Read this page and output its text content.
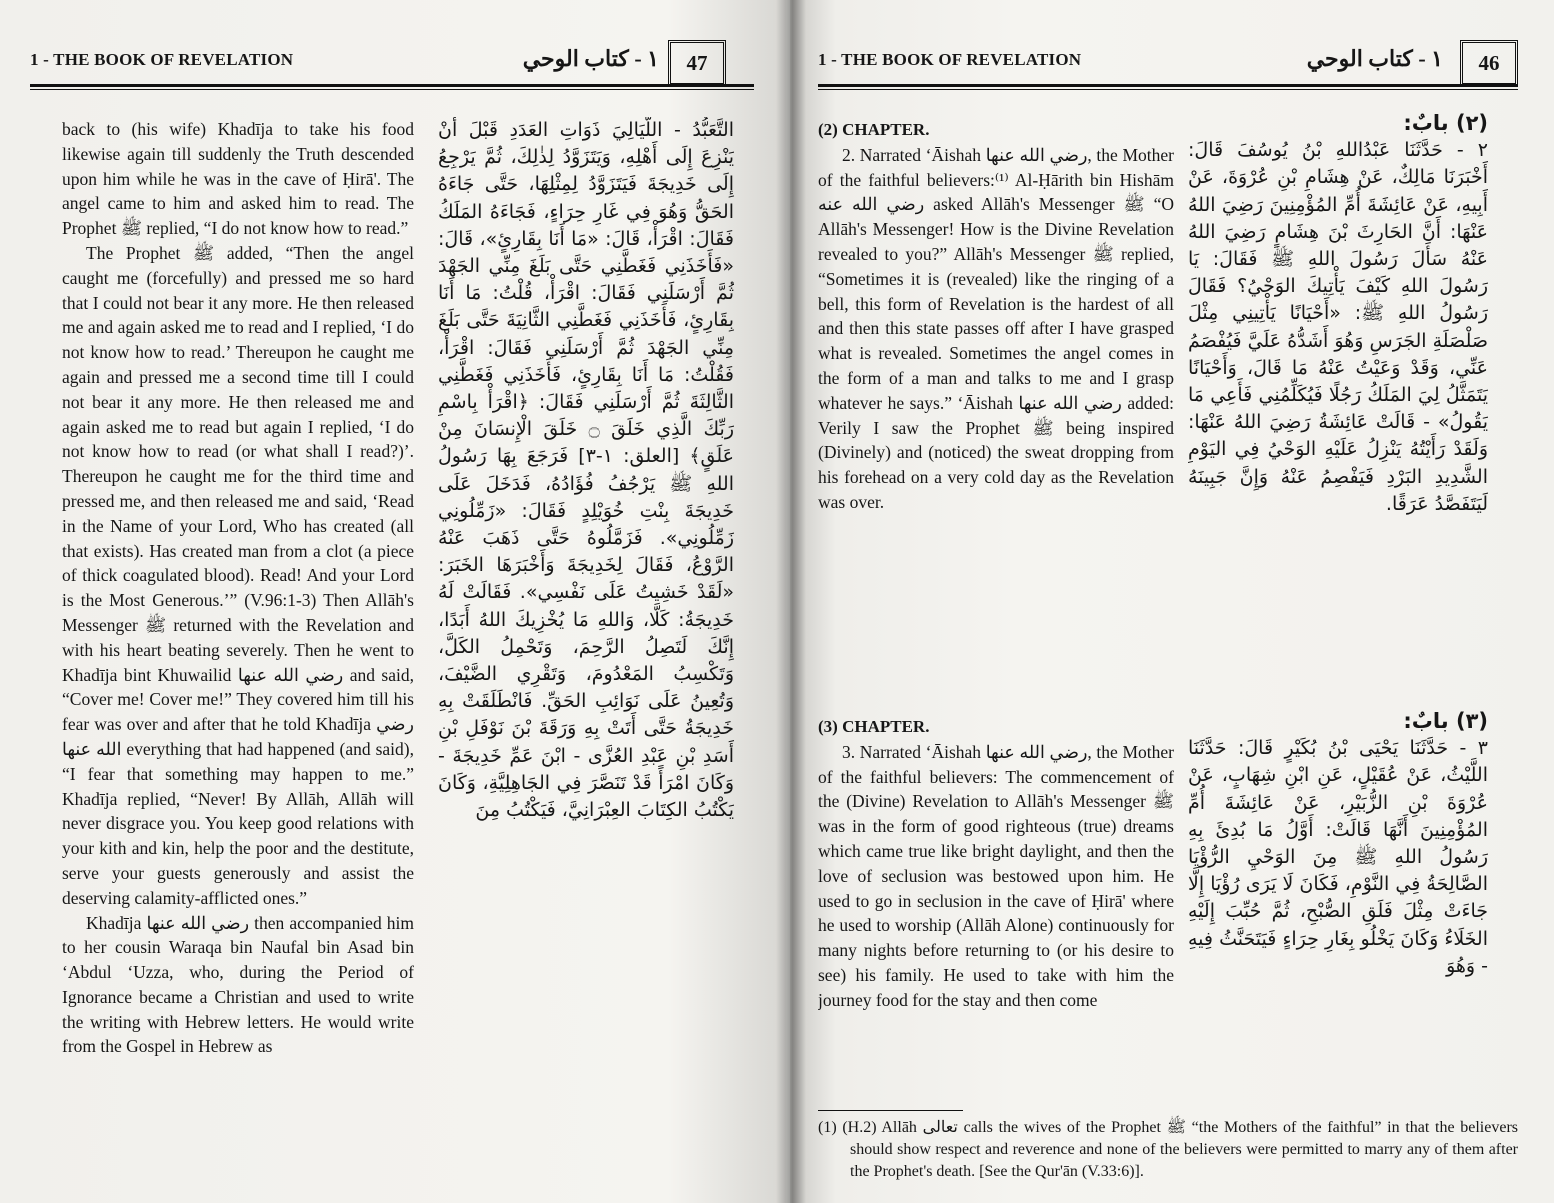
1 - THE BOOK OF REVELATION	١ - كتاب الوحي	47

back to (his wife) Khadīja to take his food likewise again till suddenly the Truth descended upon him while he was in the cave of Ḥirā'. The angel came to him and asked him to read. The Prophet ﷺ replied, “I do not know how to read.”

The Prophet ﷺ added, “Then the angel caught me (forcefully) and pressed me so hard that I could not bear it any more. He then released me and again asked me to read and I replied, ‘I do not know how to read.’ Thereupon he caught me again and pressed me a second time till I could not bear it any more. He then released me and again asked me to read but again I replied, ‘I do not know how to read (or what shall I read?)’. Thereupon he caught me for the third time and pressed me, and then released me and said, ‘Read in the Name of your Lord, Who has created (all that exists). Has created man from a clot (a piece of thick coagulated blood). Read! And your Lord is the Most Generous.’” (V.96:1-3) Then Allāh's Messenger ﷺ returned with the Revelation and with his heart beating severely. Then he went to Khadīja bint Khuwailid رضي الله عنها and said, “Cover me! Cover me!” They covered him till his fear was over and after that he told Khadīja رضي الله عنها everything that had happened (and said), “I fear that something may happen to me.” Khadīja replied, “Never! By Allāh, Allāh will never disgrace you. You keep good relations with your kith and kin, help the poor and the destitute, serve your guests generously and assist the deserving calamity-afflicted ones.”

Khadīja رضي الله عنها then accompanied him to her cousin Waraqa bin Naufal bin Asad bin ‘Abdul ‘Uzza, who, during the Period of Ignorance became a Christian and used to write the writing with Hebrew letters. He would write from the Gospel in Hebrew as

التَّعَبُّدُ - اللَّيَالِيَ ذَوَاتِ العَدَدِ قَبْلَ أَنْ يَنْزِعَ إِلَى أَهْلِهِ، وَيَتَزَوَّدُ لِذٰلِكَ، ثُمَّ يَرْجِعُ إِلَى خَدِيجَةَ فَيَتَزَوَّدُ لِمِثْلِهَا، حَتَّى جَاءَهُ الحَقُّ وَهُوَ فِي غَارِ حِرَاءٍ، فَجَاءَهُ المَلَكُ فَقَالَ: اقْرَأْ، قَالَ: «مَا أَنَا بِقَارِئٍ»، قَالَ: «فَأَخَذَنِي فَغَطَّنِي حَتَّى بَلَغَ مِنِّي الجَهْدَ ثُمَّ أَرْسَلَنِي فَقَالَ: اقْرَأْ، قُلْتُ: مَا أَنَا بِقَارِئٍ، فَأَخَذَنِي فَغَطَّنِي الثَّانِيَةَ حَتَّى بَلَغَ مِنِّي الجَهْدَ ثُمَّ أَرْسَلَنِي فَقَالَ: اقْرَأْ، فَقُلْتُ: مَا أَنَا بِقَارِئٍ، فَأَخَذَنِي فَغَطَّنِي الثَّالِثَةَ ثُمَّ أَرْسَلَنِي فَقَالَ: ﴿اقْرَأْ بِاسْمِ رَبِّكَ الَّذِي خَلَقَ ۝ خَلَقَ الْإِنسَانَ مِنْ عَلَقٍ﴾ [العلق: ١-٣] فَرَجَعَ بِهَا رَسُولُ اللهِ ﷺ يَرْجُفُ فُؤَادُهُ، فَدَخَلَ عَلَى خَدِيجَةَ بِنْتِ خُوَيْلِدٍ فَقَالَ: «زَمِّلُونِي زَمِّلُونِي». فَزَمَّلُوهُ حَتَّى ذَهَبَ عَنْهُ الرَّوْعُ، فَقَالَ لِخَدِيجَةَ وَأَخْبَرَهَا الخَبَرَ: «لَقَدْ خَشِيتُ عَلَى نَفْسِي». فَقَالَتْ لَهُ خَدِيجَةُ: كَلَّا، وَاللهِ مَا يُخْزِيكَ اللهُ أَبَدًا، إِنَّكَ لَتَصِلُ الرَّحِمَ، وَتَحْمِلُ الكَلَّ، وَتَكْسِبُ المَعْدُومَ، وَتَقْرِي الضَّيْفَ، وَتُعِينُ عَلَى نَوَائِبِ الحَقِّ. فَانْطَلَقَتْ بِهِ خَدِيجَةُ حَتَّى أَتَتْ بِهِ وَرَقَةَ بْنَ نَوْفَلِ بْنِ أَسَدِ بْنِ عَبْدِ العُزَّى - ابْنَ عَمِّ خَدِيجَةَ - وَكَانَ امْرَأً قَدْ تَنَصَّرَ فِي الجَاهِلِيَّةِ، وَكَانَ يَكْتُبُ الكِتَابَ العِبْرَانِيَّ، فَيَكْتُبُ مِنَ

1 - THE BOOK OF REVELATION	١ - كتاب الوحي	46

(2) CHAPTER.

2. Narrated ‘Āishah رضي الله عنها, the Mother of the faithful believers:⁽¹⁾ Al-Ḥārith bin Hishām رضي الله عنه asked Allāh's Messenger ﷺ “O Allāh's Messenger! How is the Divine Revelation revealed to you?” Allāh's Messenger ﷺ replied, “Sometimes it is (revealed) like the ringing of a bell, this form of Revelation is the hardest of all and then this state passes off after I have grasped what is revealed. Sometimes the angel comes in the form of a man and talks to me and I grasp whatever he says.” ‘Āishah رضي الله عنها added: Verily I saw the Prophet ﷺ being inspired (Divinely) and (noticed) the sweat dropping from his forehead on a very cold day as the Revelation was over.

(٢) بابٌ:

٢ - حَدَّثَنَا عَبْدُاللهِ بْنُ يُوسُفَ قَالَ: أَخْبَرَنَا مَالِكٌ، عَنْ هِشَامِ بْنِ عُرْوَةَ، عَنْ أَبِيهِ، عَنْ عَائِشَةَ أُمِّ المُؤْمِنِينَ رَضِيَ اللهُ عَنْهَا: أَنَّ الحَارِثَ بْنَ هِشَامٍ رَضِيَ اللهُ عَنْهُ سَأَلَ رَسُولَ اللهِ ﷺ فَقَالَ: يَا رَسُولَ اللهِ كَيْفَ يَأْتِيكَ الوَحْيُ؟ فَقَالَ رَسُولُ اللهِ ﷺ: «أَحْيَانًا يَأْتِينِي مِثْلَ صَلْصَلَةِ الجَرَسِ وَهُوَ أَشَدُّهُ عَلَيَّ فَيُفْصَمُ عَنِّي، وَقَدْ وَعَيْتُ عَنْهُ مَا قَالَ، وَأَحْيَانًا يَتَمَثَّلُ لِيَ المَلَكُ رَجُلًا فَيُكَلِّمُنِي فَأَعِي مَا يَقُولُ» - قَالَتْ عَائِشَةُ رَضِيَ اللهُ عَنْهَا: وَلَقَدْ رَأَيْتُهُ يَنْزِلُ عَلَيْهِ الوَحْيُ فِي اليَوْمِ الشَّدِيدِ البَرْدِ فَيَفْصِمُ عَنْهُ وَإِنَّ جَبِينَهُ لَيَتَفَصَّدُ عَرَقًا.

(3) CHAPTER.

3. Narrated ‘Āishah رضي الله عنها, the Mother of the faithful believers: The commencement of the (Divine) Revelation to Allāh's Messenger ﷺ was in the form of good righteous (true) dreams which came true like bright daylight, and then the love of seclusion was bestowed upon him. He used to go in seclusion in the cave of Ḥirā' where he used to worship (Allāh Alone) continuously for many nights before returning to (or his desire to see) his family. He used to take with him the journey food for the stay and then come

(٣) بابٌ:

٣ - حَدَّثَنَا يَحْيَى بْنُ بُكَيْرٍ قَالَ: حَدَّثَنَا اللَّيْثُ، عَنْ عُقَيْلٍ، عَنِ ابْنِ شِهَابٍ، عَنْ عُرْوَةَ بْنِ الزُّبَيْرِ، عَنْ عَائِشَةَ أُمِّ المُؤْمِنِينَ أَنَّهَا قَالَتْ: أَوَّلُ مَا بُدِئَ بِهِ رَسُولُ اللهِ ﷺ مِنَ الوَحْيِ الرُّؤْيَا الصَّالِحَةُ فِي النَّوْمِ، فَكَانَ لَا يَرَى رُؤْيَا إِلَّا جَاءَتْ مِثْلَ فَلَقِ الصُّبْحِ، ثُمَّ حُبِّبَ إِلَيْهِ الخَلَاءُ وَكَانَ يَخْلُو بِغَارِ حِرَاءٍ فَيَتَحَنَّثُ فِيهِ - وَهُوَ

(1) (H.2) Allāh تعالى calls the wives of the Prophet ﷺ “the Mothers of the faithful” in that the believers should show respect and reverence and none of the believers were permitted to marry any of them after the Prophet's death. [See the Qur'ān (V.33:6)].
